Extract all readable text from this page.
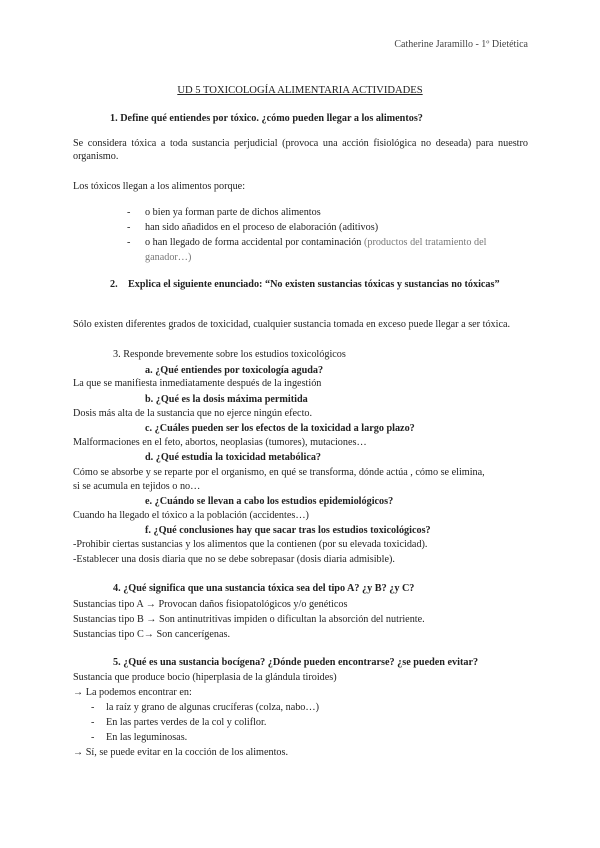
Catherine Jaramillo - 1º Dietética
UD 5 TOXICOLOGÍA ALIMENTARIA ACTIVIDADES
1. Define qué entiendes por tóxico. ¿cómo pueden llegar a los alimentos?
Se considera tóxica a toda sustancia perjudicial (provoca una acción fisiológica no deseada) para nuestro organismo.
Los tóxicos llegan a los alimentos porque:
- o bien ya forman parte de dichos alimentos
- han sido añadidos en el proceso de elaboración (aditivos)
- o han llegado de forma accidental por contaminación (productos del tratamiento del
ganador…)
2. Explica el siguiente enunciado: “No existen sustancias tóxicas y sustancias no tóxicas”
Sólo existen diferentes grados de toxicidad, cualquier sustancia tomada en exceso puede llegar a ser tóxica.
3. Responde brevemente sobre los estudios toxicológicos
a. ¿Qué entiendes por toxicología aguda?
La que se manifiesta inmediatamente después de la ingestión
b. ¿Qué es la dosis máxima permitida
Dosis más alta de la sustancia que no ejerce ningún efecto.
c. ¿Cuáles pueden ser los efectos de la toxicidad a largo plazo?
Malformaciones en el feto, abortos, neoplasias (tumores), mutaciones…
d. ¿Qué estudia la toxicidad metabólica?
Cómo se absorbe y se reparte por el organismo, en qué se transforma, dónde actúa , cómo se elimina,
si se acumula en tejidos o no…
e. ¿Cuándo se llevan a cabo los estudios epidemiológicos?
Cuando ha llegado el tóxico a la población (accidentes…)
f. ¿Qué conclusiones hay que sacar tras los estudios toxicológicos?
-Prohibir ciertas sustancias y los alimentos que la contienen (por su elevada toxicidad).
-Establecer una dosis diaria que no se debe sobrepasar (dosis diaria admisible).
4. ¿Qué significa que una sustancia tóxica sea del tipo A? ¿y B? ¿y C?
Sustancias tipo A → Provocan daños fisiopatológicos y/o genéticos
Sustancias tipo B → Son antinutritivas impiden o dificultan la absorción del nutriente.
Sustancias tipo C→ Son cancerígenas.
5. ¿Qué es una sustancia bocígena? ¿Dónde pueden encontrarse? ¿se pueden evitar?
Sustancia que produce bocio (hiperplasia de la glándula tiroides)
→ La podemos encontrar en:
- la raíz y grano de algunas crucíferas (colza, nabo…)
- En las partes verdes de la col y coliflor.
- En las leguminosas.
→ Sí, se puede evitar en la cocción de los alimentos.
